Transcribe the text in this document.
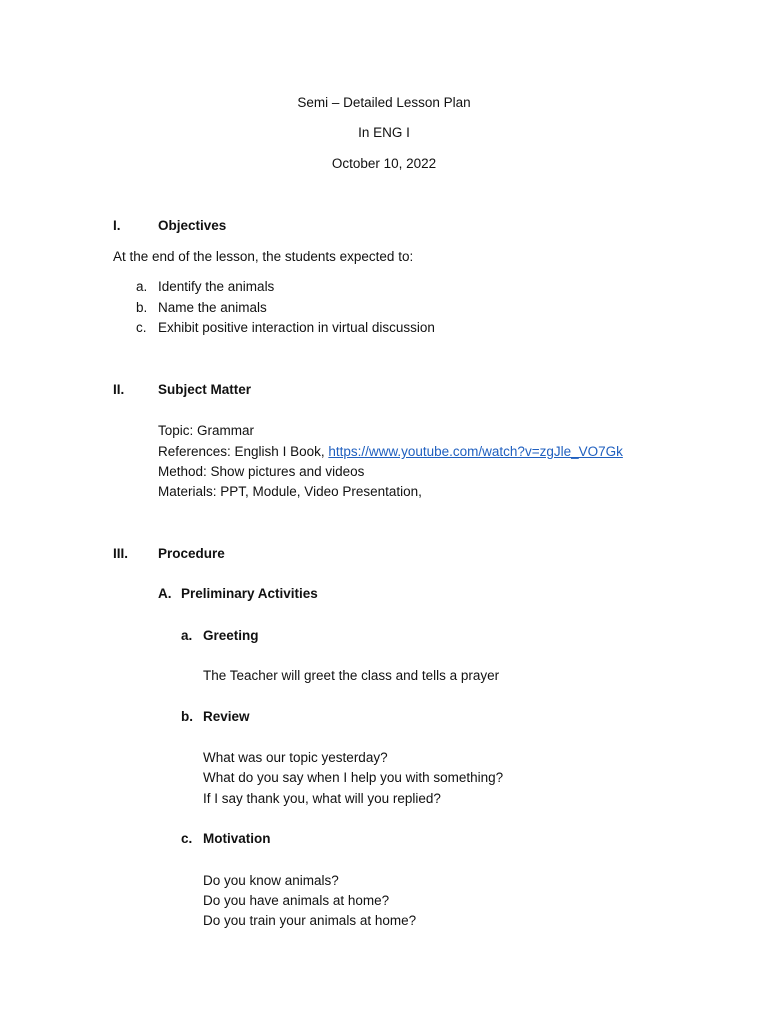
Semi – Detailed Lesson Plan
In ENG I
October 10, 2022
I.	Objectives
At the end of the lesson, the students expected to:
a. Identify the animals
b. Name the animals
c. Exhibit positive interaction in virtual discussion
II. Subject Matter
Topic: Grammar
References: English I Book, https://www.youtube.com/watch?v=zgJle_VO7Gk
Method: Show pictures and videos
Materials: PPT, Module, Video Presentation,
III. Procedure
A. Preliminary Activities
a. Greeting
The Teacher will greet the class and tells a prayer
b. Review
What was our topic yesterday?
What do you say when I help you with something?
If I say thank you, what will you replied?
c. Motivation
Do you know animals?
Do you have animals at home?
Do you train your animals at home?
